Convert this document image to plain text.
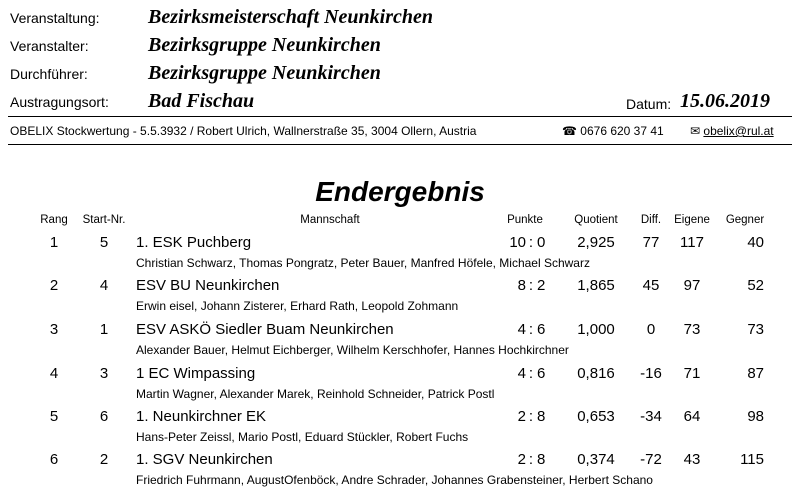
Veranstaltung: Bezirksmeisterschaft Neunkirchen
Veranstalter:	Bezirksgruppe Neunkirchen
Durchführer:	Bezirksgruppe Neunkirchen
Austragungsort: Bad Fischau	Datum: 15.06.2019
OBELIX Stockwertung - 5.5.3932 / Robert Ulrich, Wallnerstraße 35, 3004 Ollern, Austria	☎ 0676 620 37 41 ✉ obelix@rul.at
Endergebnis
Rang	Start-Nr.	Mannschaft	Punkte	Quotient	Diff.	Eigene	Gegner
1	5	1. ESK Puchberg	10 : 0	2,925	77	117	40
Christian Schwarz, Thomas Pongratz, Peter Bauer, Manfred Höfele, Michael Schwarz
2	4	ESV BU Neunkirchen	8 : 2	1,865	45	97	52
Erwin eisel, Johann Zisterer, Erhard Rath, Leopold Zohmann
3	1	ESV ASKÖ Siedler Buam Neunkirchen	4 : 6	1,000	0	73	73
Alexander Bauer, Helmut Eichberger, Wilhelm Kerschhofer, Hannes Hochkirchner
4	3	1 EC Wimpassing	4 : 6	0,816	-16	71	87
Martin Wagner, Alexander Marek, Reinhold Schneider, Patrick Postl
5	6	1. Neunkirchner EK	2 : 8	0,653	-34	64	98
Hans-Peter Zeissl, Mario Postl, Eduard Stückler, Robert Fuchs
6	2	1. SGV Neunkirchen	2 : 8	0,374	-72	43	115
Friedrich Fuhrmann, AugustOfenböck, Andre Schrader, Johannes Grabensteiner, Herbert Schano
